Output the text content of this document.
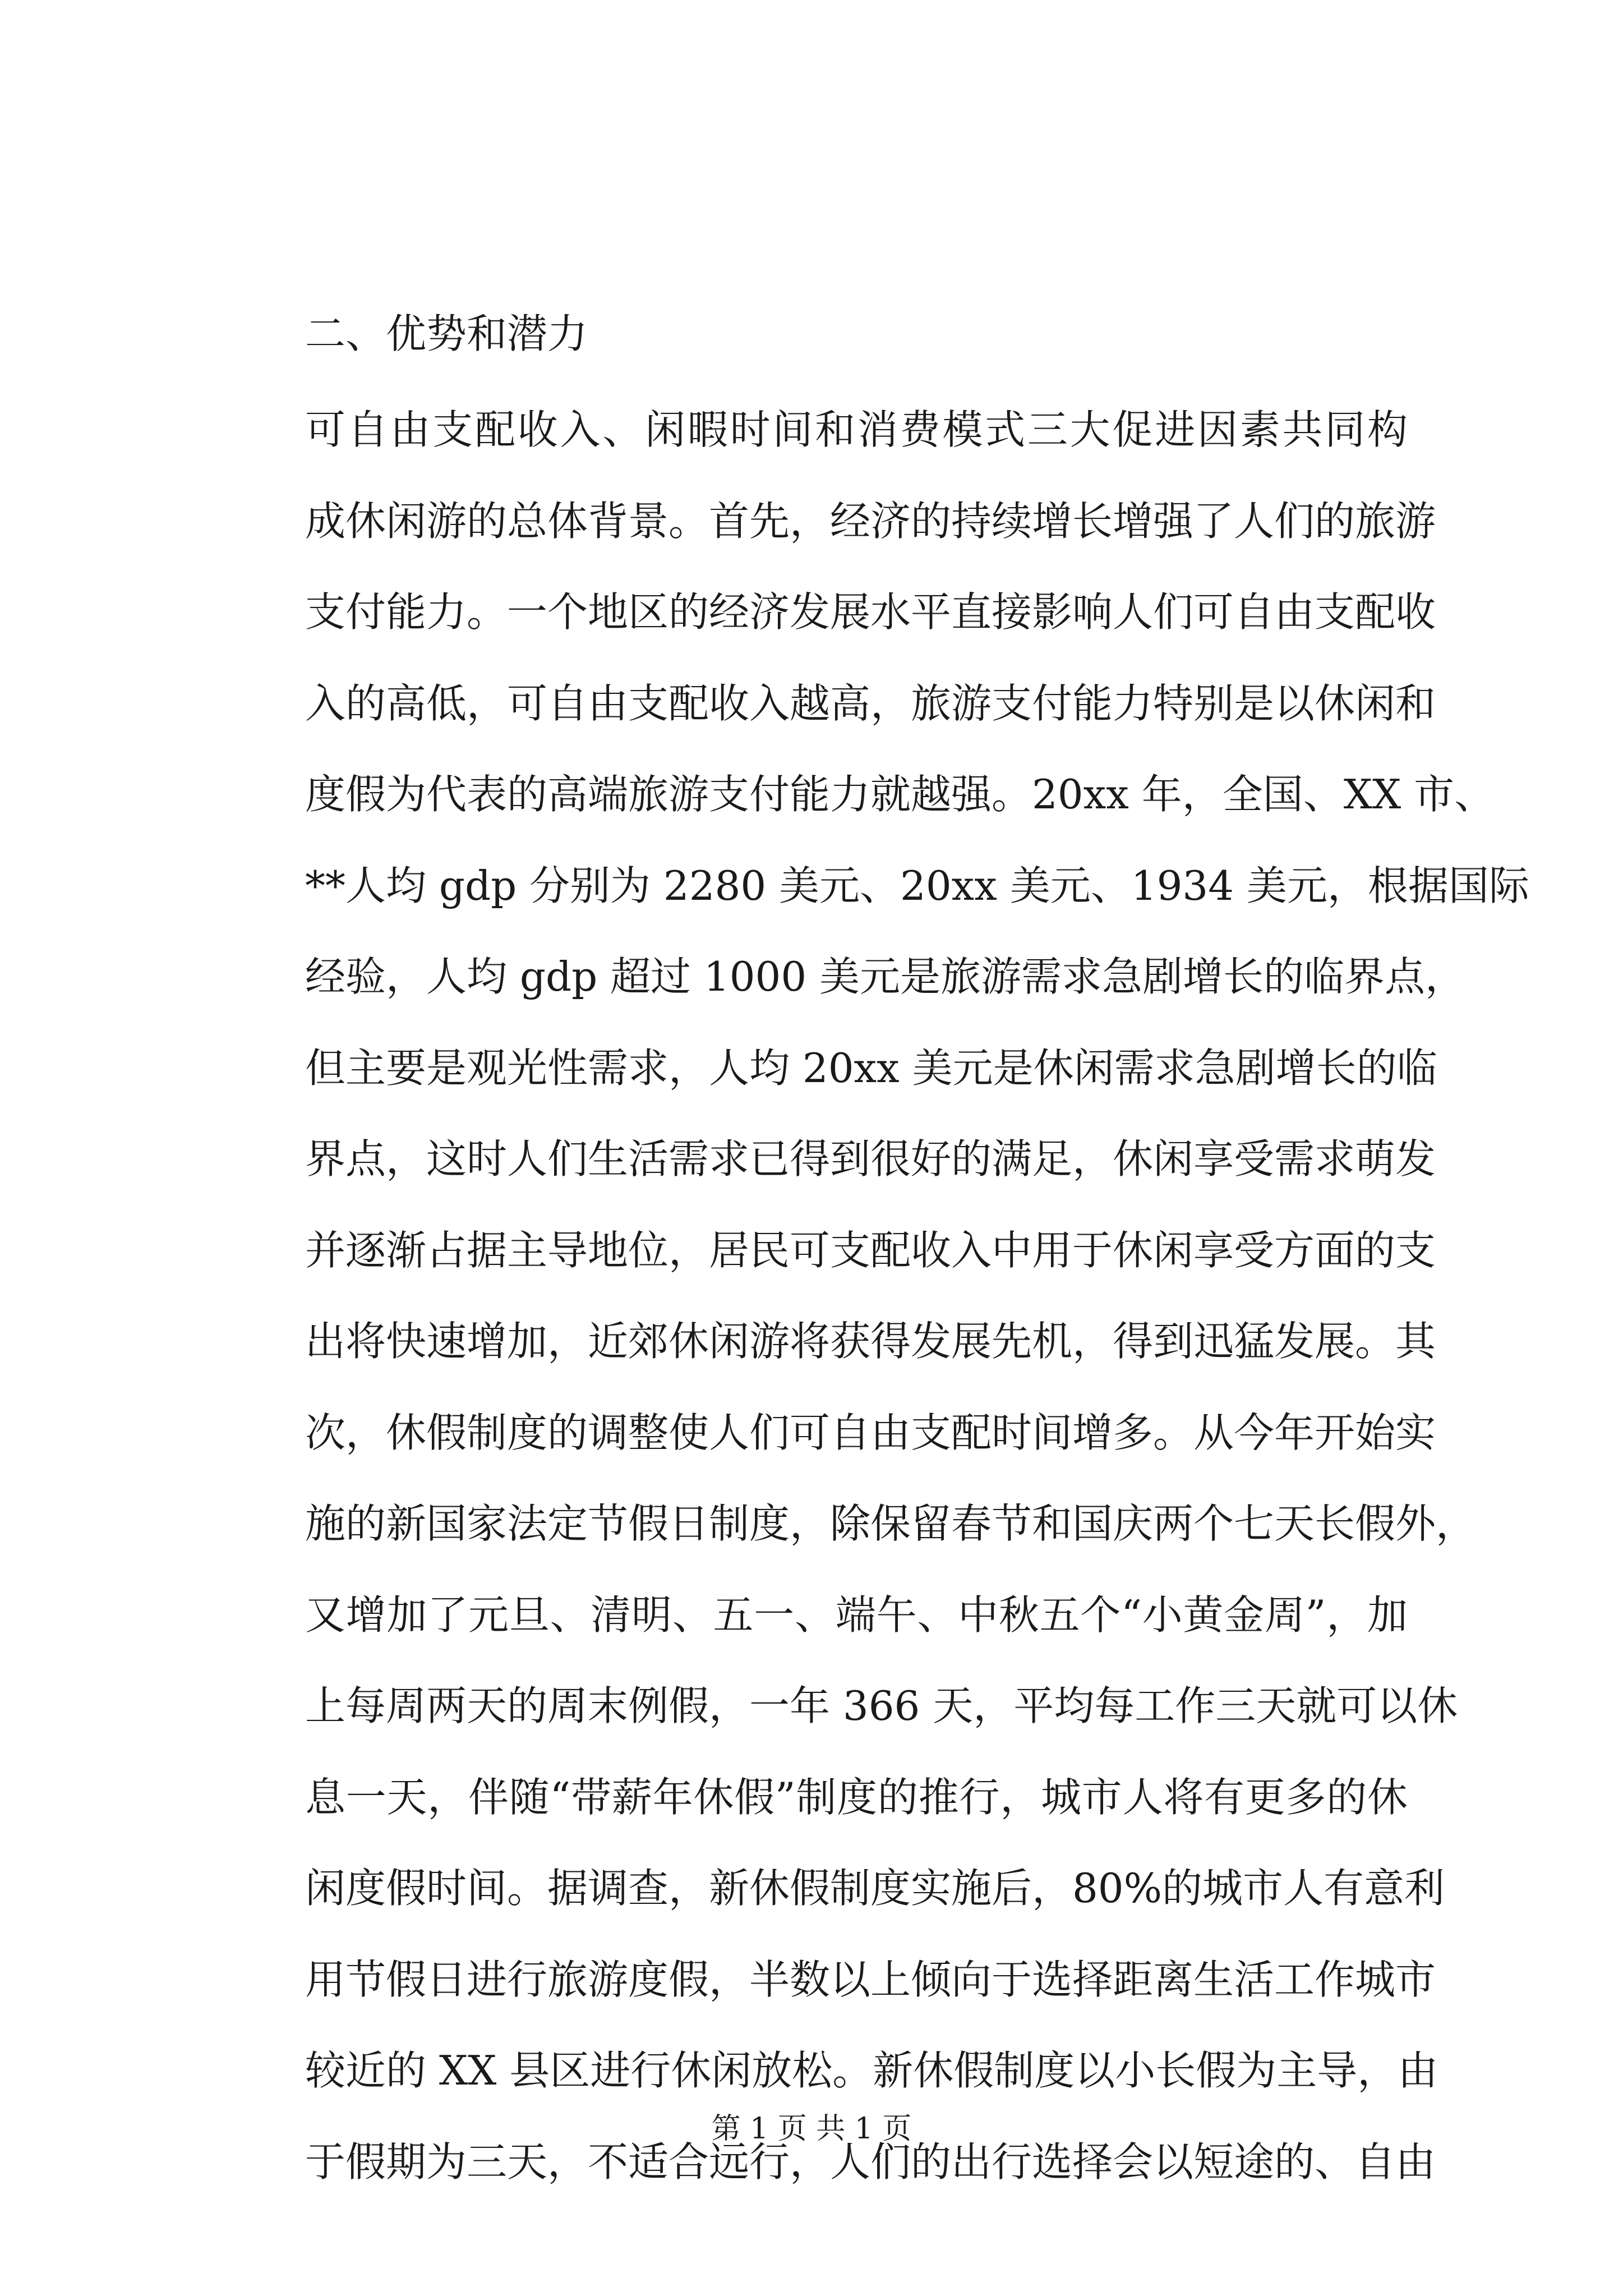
二、优势和潜力
可自由支配收入、闲暇时间和消费模式三大促进因素共同构
成休闲游的总体背景。首先，经济的持续增长增强了人们的旅游
支付能力。一个地区的经济发展水平直接影响人们可自由支配收
入的高低，可自由支配收入越高，旅游支付能力特别是以休闲和
度假为代表的高端旅游支付能力就越强。20xx 年，全国、XX 市、
**人均 gdp 分别为 2280 美元、20xx 美元、1934 美元，根据国际
经验，人均 gdp 超过 1000 美元是旅游需求急剧增长的临界点，
但主要是观光性需求，人均 20xx 美元是休闲需求急剧增长的临
界点，这时人们生活需求已得到很好的满足，休闲享受需求萌发
并逐渐占据主导地位，居民可支配收入中用于休闲享受方面的支
出将快速增加，近郊休闲游将获得发展先机，得到迅猛发展。其
次，休假制度的调整使人们可自由支配时间增多。从今年开始实
施的新国家法定节假日制度，除保留春节和国庆两个七天长假外，
又增加了元旦、清明、五一、端午、中秋五个“小黄金周”，加
上每周两天的周末例假，一年 366 天，平均每工作三天就可以休
息一天，伴随“带薪年休假”制度的推行，城市人将有更多的休
闲度假时间。据调查，新休假制度实施后，80%的城市人有意利
用节假日进行旅游度假，半数以上倾向于选择距离生活工作城市
较近的 XX 县区进行休闲放松。新休假制度以小长假为主导，由
于假期为三天，不适合远行，人们的出行选择会以短途的、自由
第 1 页 共 1 页
